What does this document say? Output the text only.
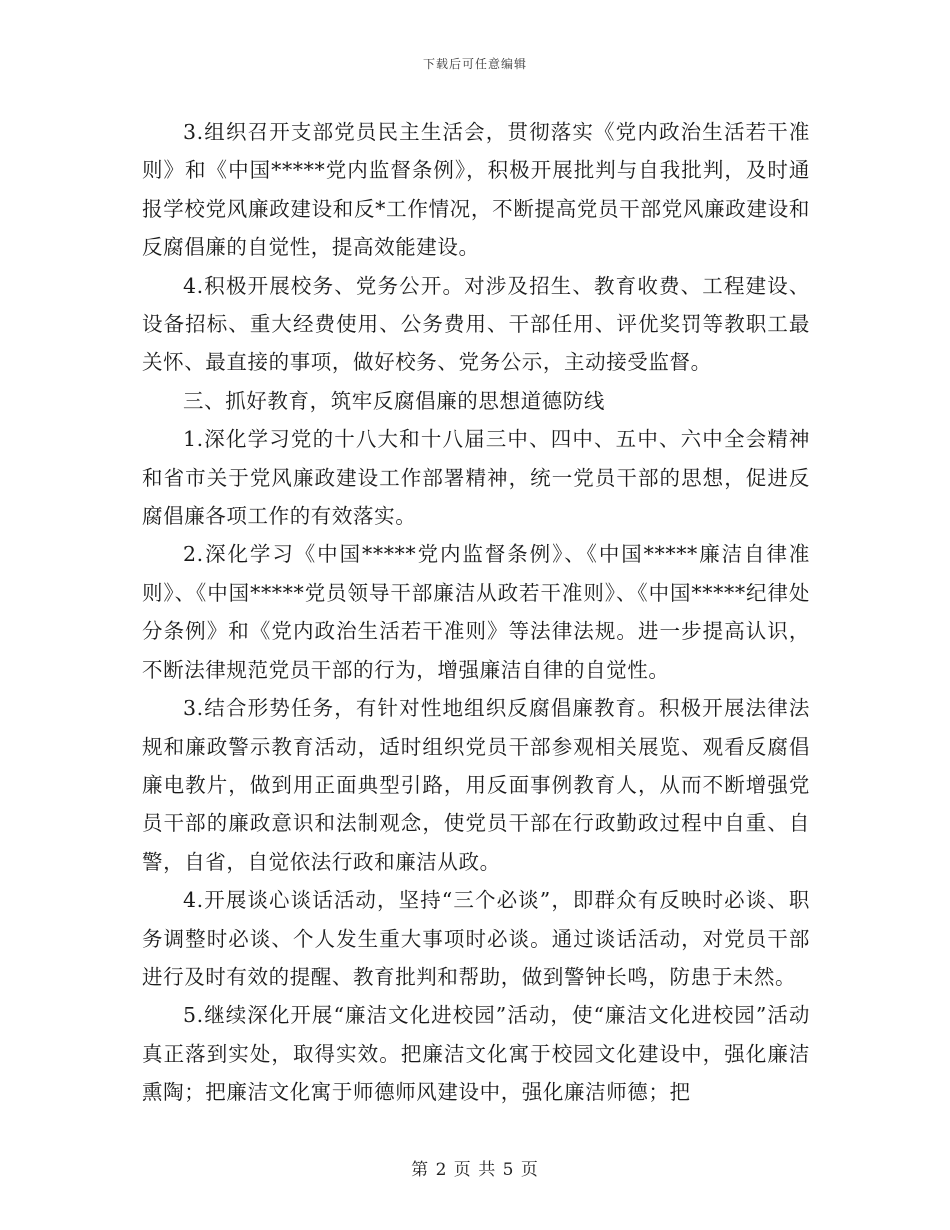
下载后可任意编辑

3.组织召开支部党员民主生活会，贯彻落实《党内政治生活若干准则》和《中国*****党内监督条例》，积极开展批判与自我批判，及时通报学校党风廉政建设和反*工作情况，不断提高党员干部党风廉政建设和反腐倡廉的自觉性，提高效能建设。

4.积极开展校务、党务公开。对涉及招生、教育收费、工程建设、设备招标、重大经费使用、公务费用、干部任用、评优奖罚等教职工最关怀、最直接的事项，做好校务、党务公示，主动接受监督。

三、抓好教育，筑牢反腐倡廉的思想道德防线

1.深化学习党的十八大和十八届三中、四中、五中、六中全会精神和省市关于党风廉政建设工作部署精神，统一党员干部的思想，促进反腐倡廉各项工作的有效落实。

2.深化学习《中国*****党内监督条例》、《中国*****廉洁自律准则》、《中国*****党员领导干部廉洁从政若干准则》、《中国*****纪律处分条例》和《党内政治生活若干准则》等法律法规。进一步提高认识，不断法律规范党员干部的行为，增强廉洁自律的自觉性。

3.结合形势任务，有针对性地组织反腐倡廉教育。积极开展法律法规和廉政警示教育活动，适时组织党员干部参观相关展览、观看反腐倡廉电教片，做到用正面典型引路，用反面事例教育人，从而不断增强党员干部的廉政意识和法制观念，使党员干部在行政勤政过程中自重、自警，自省，自觉依法行政和廉洁从政。

4.开展谈心谈话活动，坚持“三个必谈”，即群众有反映时必谈、职务调整时必谈、个人发生重大事项时必谈。通过谈话活动，对党员干部进行及时有效的提醒、教育批判和帮助，做到警钟长鸣，防患于未然。

5.继续深化开展“廉洁文化进校园”活动，使“廉洁文化进校园”活动真正落到实处，取得实效。把廉洁文化寓于校园文化建设中，强化廉洁熏陶；把廉洁文化寓于师德师风建设中，强化廉洁师德；把

第 2 页 共 5 页
